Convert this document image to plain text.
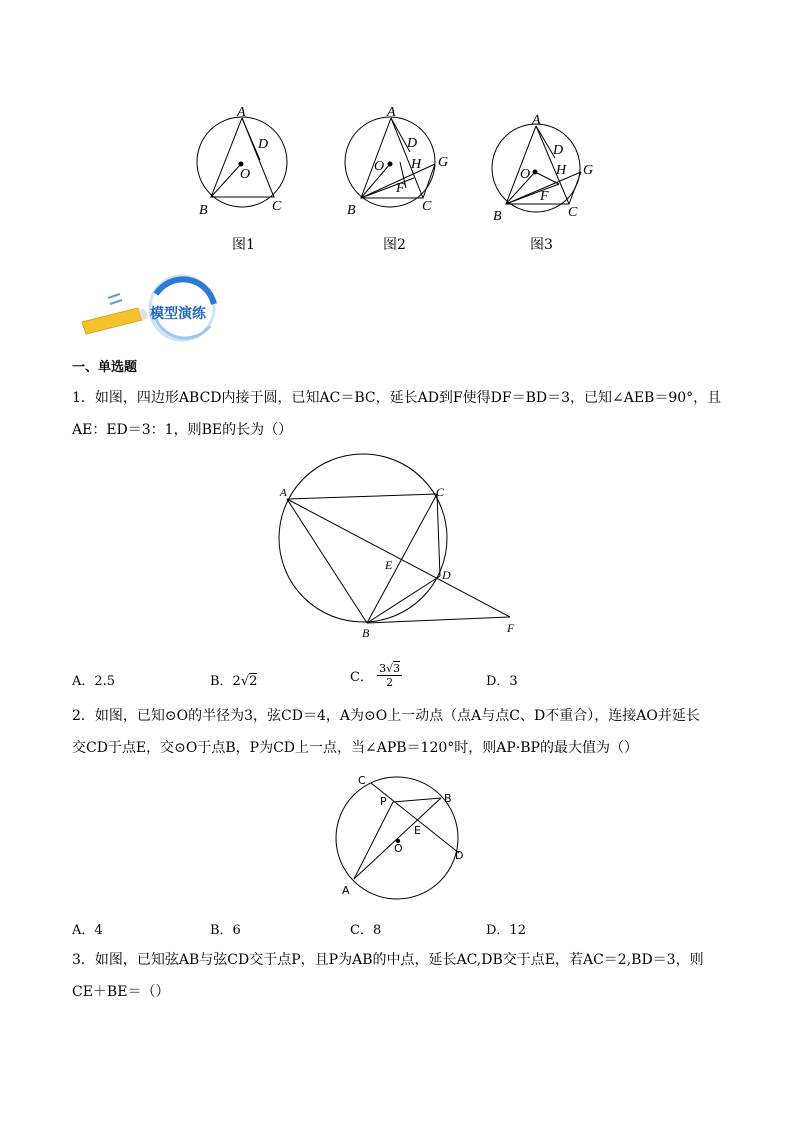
A
D
O
B	C
图1
A
D
O H G
F
B	C
图2
A
D
O H G
F
B	C
图3
模型演练
一、单选题
1．如图，四边形ABCD内接于圆，已知AC＝BC，延长AD到F使得DF＝BD＝3，已知∠AEB＝90°，且
AE：ED＝3：1，则BE的长为（）
A	C
E
D
B	F
A．2.5	B．2√2	C． $\frac{3√3}{2}$	D．3
2．如图，已知⊙O的半径为3，弦CD＝4，A为⊙O上一动点（点A与点C、D不重合），连接AO并延长
交CD于点E，交⊙O于点B，P为CD上一点，当∠APB＝120°时，则AP·BP的最大值为（）
C
B
P
E
O
D
A
A．4	B．6	C．8	D．12
3．如图，已知弦AB与弦CD交于点P，且P为AB的中点，延长AC,DB交于点E，若AC＝2,BD＝3，则
CE＋BE＝（）
